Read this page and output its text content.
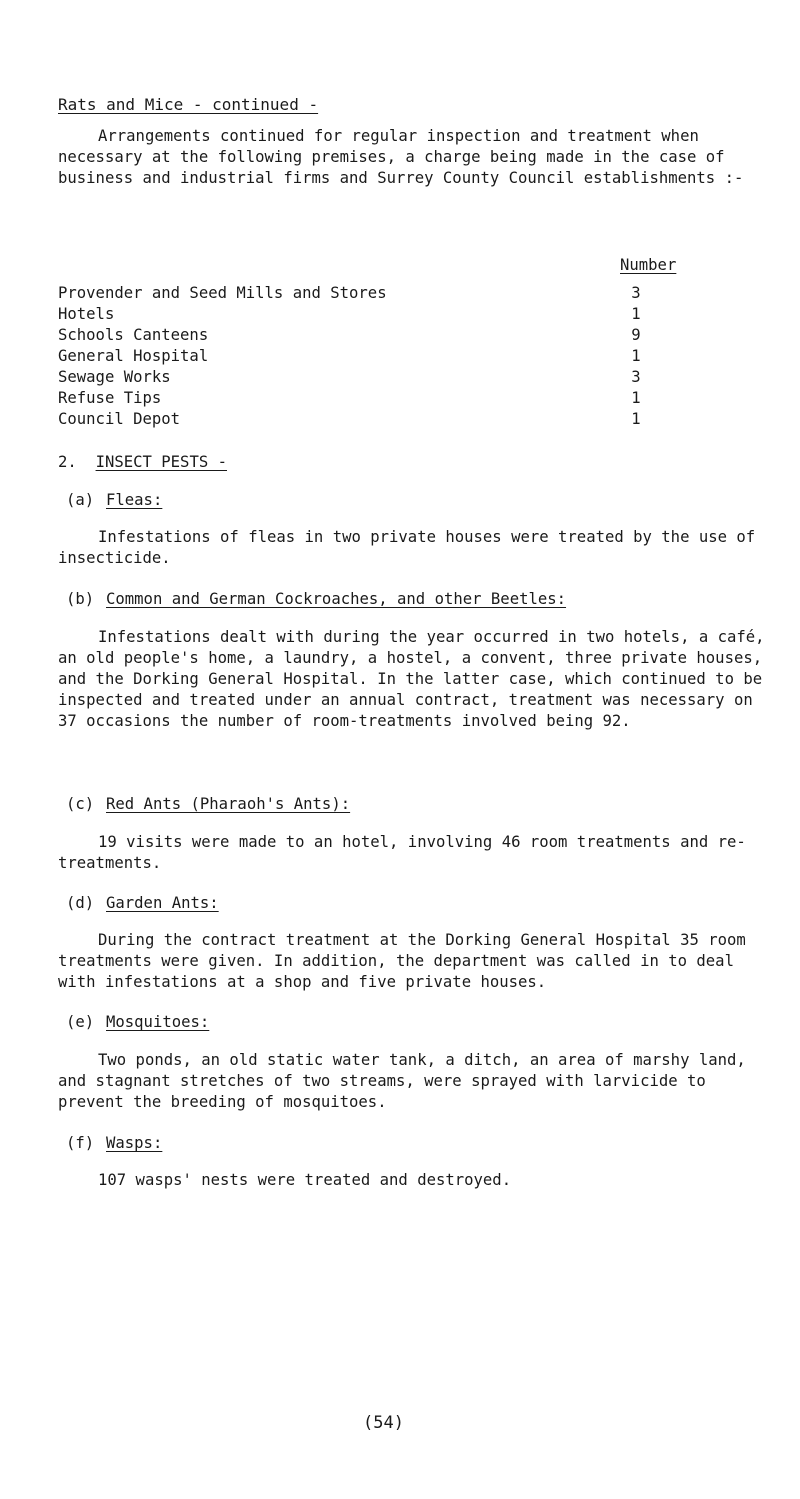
Rats and Mice - continued -

Arrangements continued for regular inspection and treatment when necessary at the following premises, a charge being made in the case of business and industrial firms and Surrey County Council establishments :-

Number
Provender and Seed Mills and Stores	3
Hotels	1
Schools Canteens	9
General Hospital	1
Sewage Works	3
Refuse Tips	1
Council Depot	1
2. INSECT PESTS -
(a) Fleas:

Infestations of fleas in two private houses were treated by the use of insecticide.

(b) Common and German Cockroaches, and other Beetles:

Infestations dealt with during the year occurred in two hotels, a café, an old people's home, a laundry, a hostel, a convent, three private houses, and the Dorking General Hospital. In the latter case, which continued to be inspected and treated under an annual contract, treatment was necessary on 37 occasions the number of room-treatments involved being 92.

(c) Red Ants (Pharaoh's Ants):

19 visits were made to an hotel, involving 46 room treatments and re-treatments.

(d) Garden Ants:

During the contract treatment at the Dorking General Hospital 35 room treatments were given. In addition, the department was called in to deal with infestations at a shop and five private houses.

(e) Mosquitoes:

Two ponds, an old static water tank, a ditch, an area of marshy land, and stagnant stretches of two streams, were sprayed with larvicide to prevent the breeding of mosquitoes.

(f) Wasps:

107 wasps' nests were treated and destroyed.

(54)
